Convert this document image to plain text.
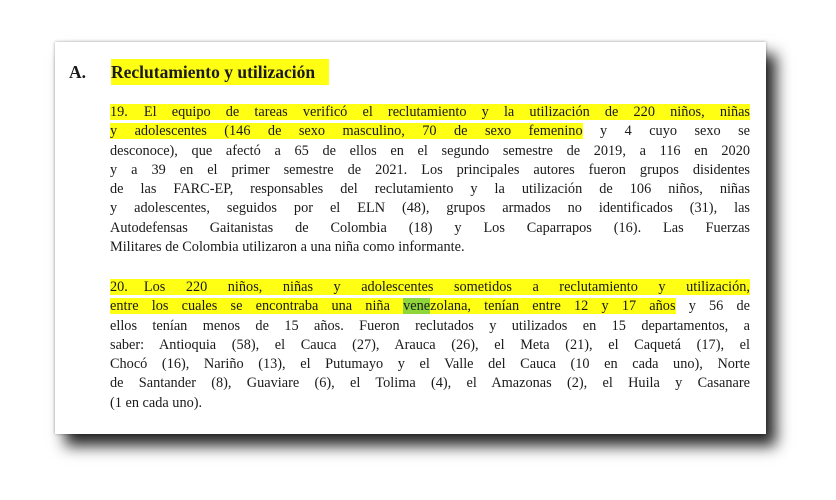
A. Reclutamiento y utilización
19. El equipo de tareas verificó el reclutamiento y la utilización de 220 niños, niñas
y adolescentes (146 de sexo masculino, 70 de sexo femenino y 4 cuyo sexo se
desconoce), que afectó a 65 de ellos en el segundo semestre de 2019, a 116 en 2020
y a 39 en el primer semestre de 2021. Los principales autores fueron grupos disidentes
de las FARC-EP, responsables del reclutamiento y la utilización de 106 niños, niñas
y adolescentes, seguidos por el ELN (48), grupos armados no identificados (31), las
Autodefensas Gaitanistas de Colombia (18) y Los Caparrapos (16). Las Fuerzas
Militares de Colombia utilizaron a una niña como informante.
20. Los 220 niños, niñas y adolescentes sometidos a reclutamiento y utilización,
entre los cuales se encontraba una niña venezolana, tenían entre 12 y 17 años y 56 de
ellos tenían menos de 15 años. Fueron reclutados y utilizados en 15 departamentos, a
saber: Antioquia (58), el Cauca (27), Arauca (26), el Meta (21), el Caquetá (17), el
Chocó (16), Nariño (13), el Putumayo y el Valle del Cauca (10 en cada uno), Norte
de Santander (8), Guaviare (6), el Tolima (4), el Amazonas (2), el Huila y Casanare
(1 en cada uno).
